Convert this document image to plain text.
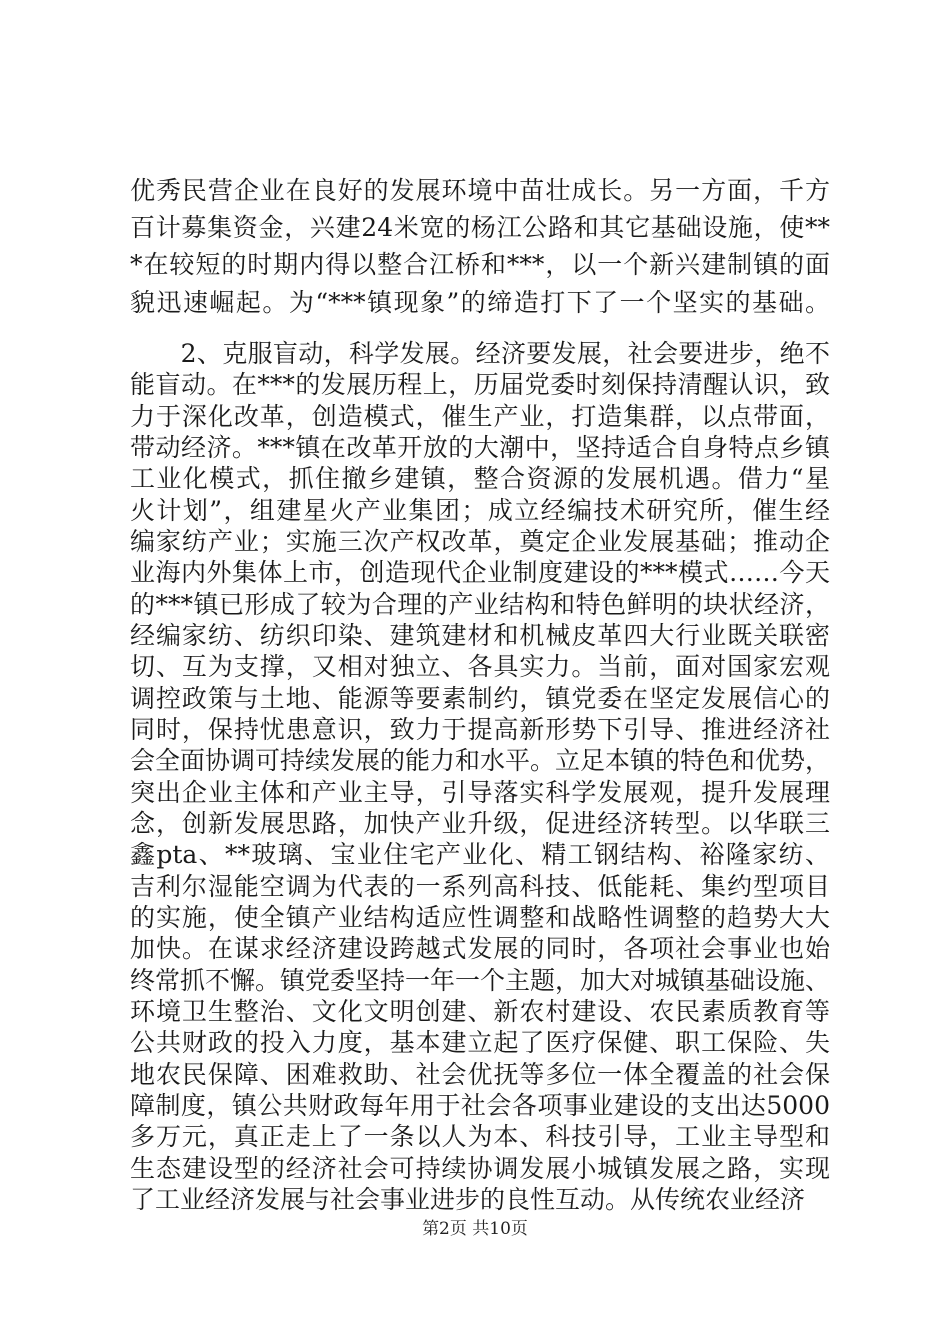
优秀民营企业在良好的发展环境中苗壮成长。另一方面，千方
百计募集资金，兴建24米宽的杨江公路和其它基础设施，使**
*在较短的时期内得以整合江桥和***，以一个新兴建制镇的面
貌迅速崛起。为“***镇现象”的缔造打下了一个坚实的基础。
　　2、克服盲动，科学发展。经济要发展，社会要进步，绝不
能盲动。在***的发展历程上，历届党委时刻保持清醒认识，致
力于深化改革，创造模式，催生产业，打造集群，以点带面，
带动经济。***镇在改革开放的大潮中，坚持适合自身特点乡镇
工业化模式，抓住撤乡建镇，整合资源的发展机遇。借力“星
火计划”，组建星火产业集团；成立经编技术研究所，催生经
编家纺产业；实施三次产权改革，奠定企业发展基础；推动企
业海内外集体上市，创造现代企业制度建设的***模式……今天
的***镇已形成了较为合理的产业结构和特色鲜明的块状经济，
经编家纺、纺织印染、建筑建材和机械皮革四大行业既关联密
切、互为支撑，又相对独立、各具实力。当前，面对国家宏观
调控政策与土地、能源等要素制约，镇党委在坚定发展信心的
同时，保持忧患意识，致力于提高新形势下引导、推进经济社
会全面协调可持续发展的能力和水平。立足本镇的特色和优势，
突出企业主体和产业主导，引导落实科学发展观，提升发展理
念，创新发展思路，加快产业升级，促进经济转型。以华联三
鑫pta、**玻璃、宝业住宅产业化、精工钢结构、裕隆家纺、
吉利尔湿能空调为代表的一系列高科技、低能耗、集约型项目
的实施，使全镇产业结构适应性调整和战略性调整的趋势大大
加快。在谋求经济建设跨越式发展的同时，各项社会事业也始
终常抓不懈。镇党委坚持一年一个主题，加大对城镇基础设施、
环境卫生整治、文化文明创建、新农村建设、农民素质教育等
公共财政的投入力度，基本建立起了医疗保健、职工保险、失
地农民保障、困难救助、社会优抚等多位一体全覆盖的社会保
障制度，镇公共财政每年用于社会各项事业建设的支出达5000
多万元，真正走上了一条以人为本、科技引导，工业主导型和
生态建设型的经济社会可持续协调发展小城镇发展之路，实现
了工业经济发展与社会事业进步的良性互动。从传统农业经济
第2页 共10页
